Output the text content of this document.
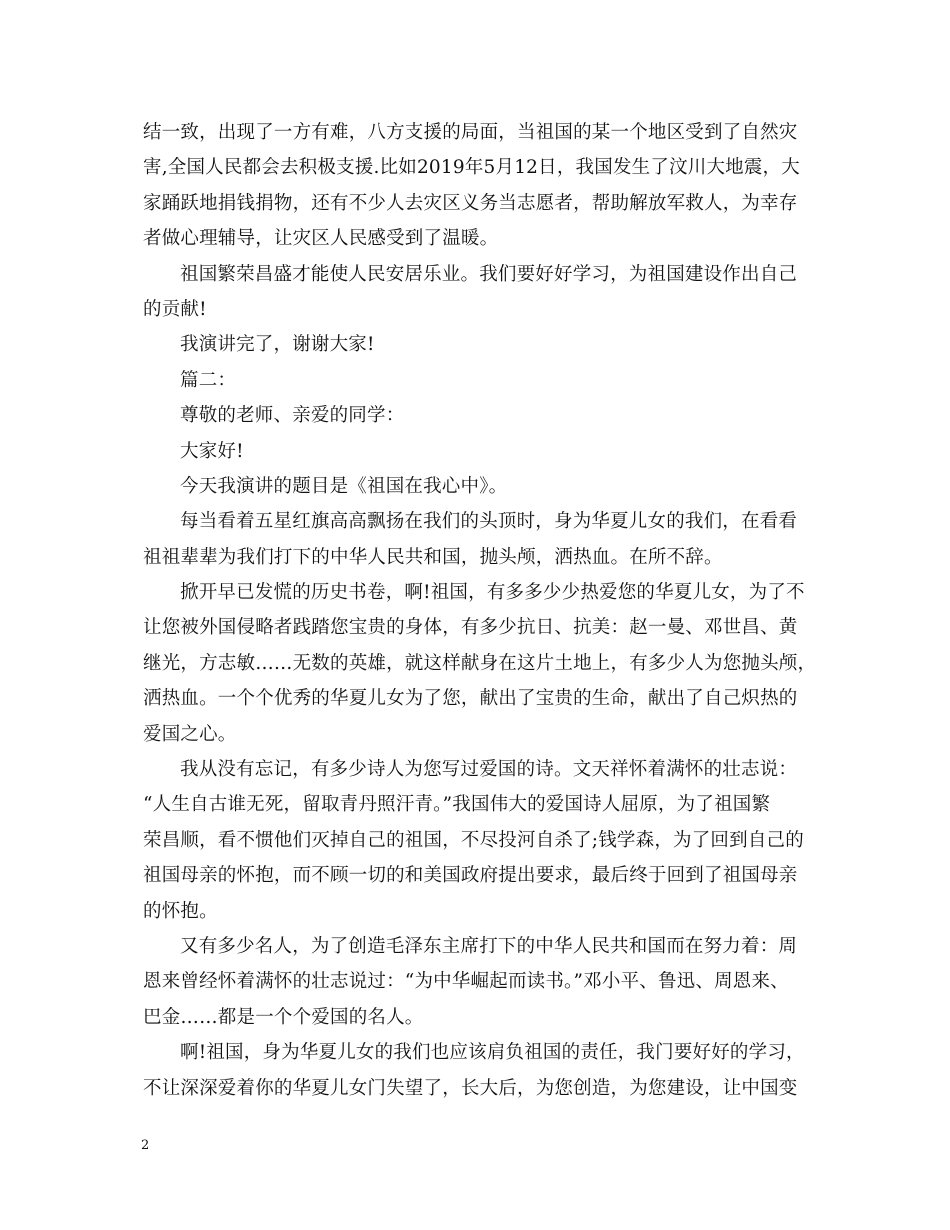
结一致，出现了一方有难，八方支援的局面，当祖国的某一个地区受到了自然灾
害,全国人民都会去积极支援.比如2019年5月12日，我国发生了汶川大地震，大
家踊跃地捐钱捐物，还有不少人去灾区义务当志愿者，帮助解放军救人，为幸存
者做心理辅导，让灾区人民感受到了温暖。
祖国繁荣昌盛才能使人民安居乐业。我们要好好学习，为祖国建设作出自己
的贡献!
我演讲完了，谢谢大家!
篇二：
尊敬的老师、亲爱的同学：
大家好!
今天我演讲的题目是《祖国在我心中》。
每当看着五星红旗高高飘扬在我们的头顶时，身为华夏儿女的我们，在看看
祖祖辈辈为我们打下的中华人民共和国，抛头颅，洒热血。在所不辞。
掀开早已发慌的历史书卷，啊!祖国，有多多少少热爱您的华夏儿女，为了不
让您被外国侵略者践踏您宝贵的身体，有多少抗日、抗美：赵一曼、邓世昌、黄
继光，方志敏……无数的英雄，就这样献身在这片土地上，有多少人为您抛头颅，
洒热血。一个个优秀的华夏儿女为了您，献出了宝贵的生命，献出了自己炽热的
爱国之心。
我从没有忘记，有多少诗人为您写过爱国的诗。文天祥怀着满怀的壮志说：
“人生自古谁无死，留取青丹照汗青。”我国伟大的爱国诗人屈原，为了祖国繁
荣昌顺，看不惯他们灭掉自己的祖国，不尽投河自杀了;钱学森，为了回到自己的
祖国母亲的怀抱，而不顾一切的和美国政府提出要求，最后终于回到了祖国母亲
的怀抱。
又有多少名人，为了创造毛泽东主席打下的中华人民共和国而在努力着：周
恩来曾经怀着满怀的壮志说过：“为中华崛起而读书。”邓小平、鲁迅、周恩来、
巴金……都是一个个爱国的名人。
啊!祖国，身为华夏儿女的我们也应该肩负祖国的责任，我门要好好的学习，
不让深深爱着你的华夏儿女门失望了，长大后，为您创造，为您建设，让中国变
2
